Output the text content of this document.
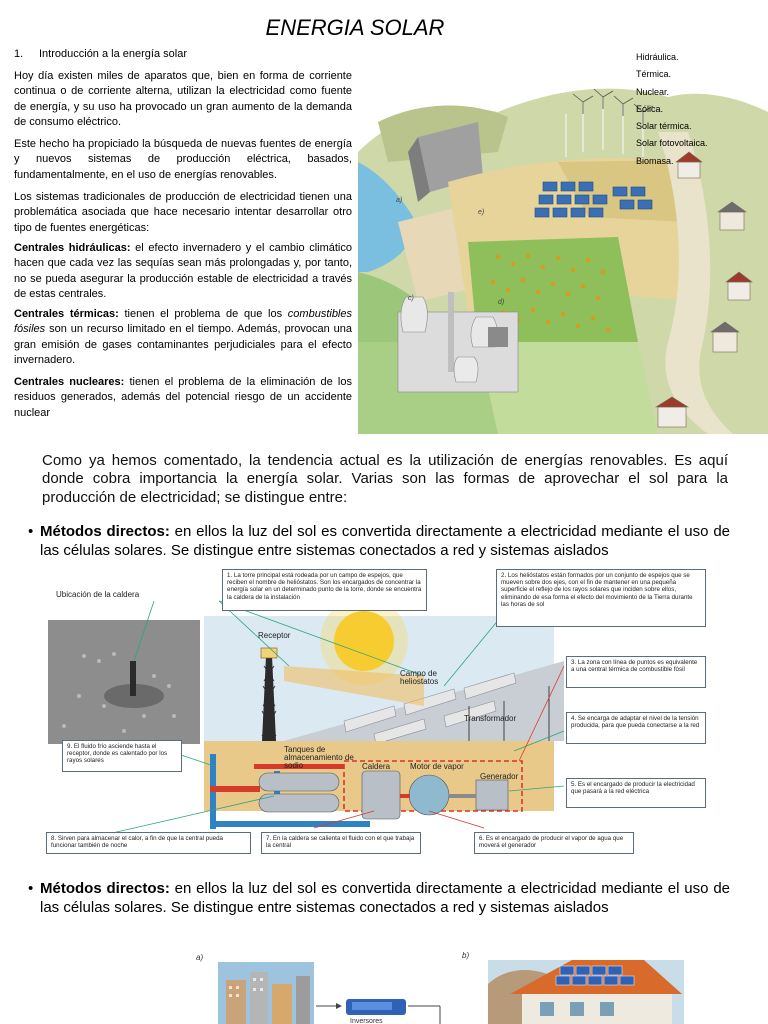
ENERGIA SOLAR
1. Introducción a la energía solar
Hoy día existen miles de aparatos que, bien en forma de corriente continua o de corriente alterna, utilizan la electricidad como fuente de energía, y su uso ha provocado un gran aumento de la demanda de consumo eléctrico.
Este hecho ha propiciado la búsqueda de nuevas fuentes de energía y nuevos sistemas de producción eléctrica, basados, fundamentalmente, en el uso de energías renovables.
Los sistemas tradicionales de producción de electricidad tienen una problemática asociada que hace necesario intentar desarrollar otro tipo de fuentes energéticas:
Centrales hidráulicas: el efecto invernadero y el cambio climático hacen que cada vez las sequías sean más prolongadas y, por tanto, no se pueda asegurar la producción estable de electricidad a través de estas centrales.
Centrales térmicas: tienen el problema de que los combustibles fósiles son un recurso limitado en el tiempo. Además, provocan una gran emisión de gases contaminantes perjudiciales para el efecto invernadero.
Centrales nucleares: tienen el problema de la eliminación de los residuos generados, además del potencial riesgo de un accidente nuclear
a)
e)
c)
d)
Hidráulica.
Térmica.
Nuclear.
Eólica.
Solar térmica.
Solar fotovoltaica.
Biomasa.
Como ya hemos comentado, la tendencia actual es la utilización de energías renovables. Es aquí donde cobra importancia la energía solar. Varias son las formas de aprovechar el sol para la producción de electricidad; se distingue entre:
• Métodos directos: en ellos la luz del sol es convertida directamente a electricidad mediante el uso de las células solares. Se distingue entre sistemas conectados a red y sistemas aislados
1. La torre principal está rodeada por un campo de espejos, que reciben el nombre de helióstatos. Son los encargados de concentrar la energía solar en un determinado punto de la torre, donde se encuentra la caldera de la instalación
2. Los helióstatos están formados por un conjunto de espejos que se mueven sobre dos ejes, con el fin de mantener en una pequeña superficie el reflejo de los rayos solares que inciden sobre ellos, eliminando de esa forma el efecto del movimiento de la Tierra durante las horas de sol
3. La zona con línea de puntos es equivalente a una central térmica de combustible fósil
4. Se encarga de adaptar el nivel de la tensión producida, para que pueda conectarse a la red
5. Es el encargado de producir la electricidad que pasará a la red eléctrica
6. Es el encargado de producir el vapor de agua que moverá el generador
7. En la caldera se calienta el fluido con el que trabaja la central
8. Sirven para almacenar el calor, a fin de que la central pueda funcionar también de noche
9. El fluido frío asciende hasta el receptor, donde es calentado por los rayos solares
Ubicación de la caldera
Receptor
Campo de heliostatos
Transformador
Tanques de almacenamiento de sodio	Caldera Motor de vapor
Generador
• Métodos directos: en ellos la luz del sol es convertida directamente a electricidad mediante el uso de las células solares. Se distingue entre sistemas conectados a red y sistemas aislados
a)	b)
Inversores
